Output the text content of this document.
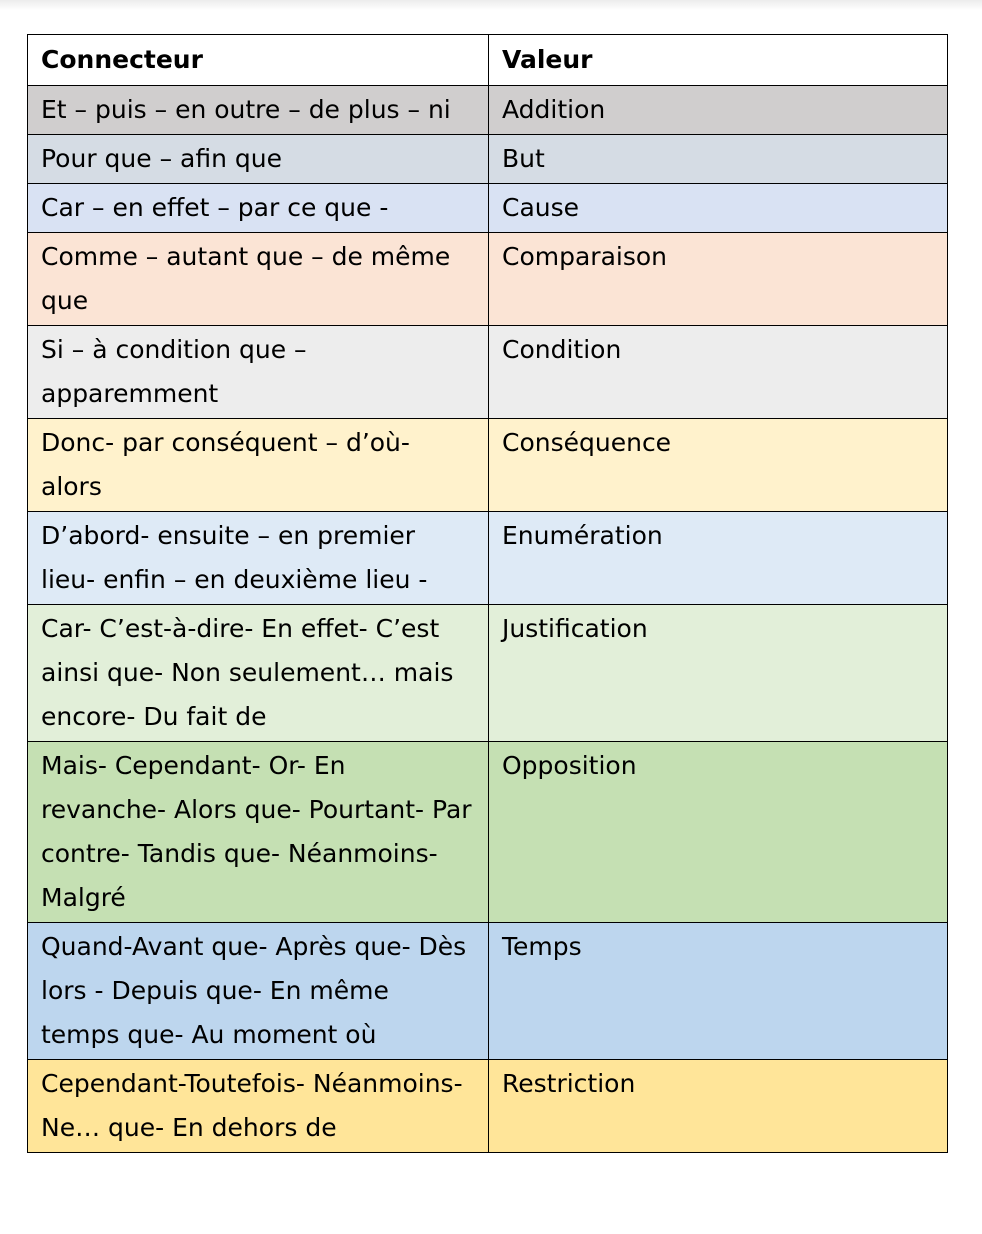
Connecteur	Valeur
Et – puis – en outre – de plus – ni	Addition
Pour que – afin que	But
Car – en effet – par ce que -	Cause
Comme – autant que – de même que	Comparaison
Si – à condition que – apparemment	Condition
Donc- par conséquent – d’où- alors	Conséquence
D’abord- ensuite – en premier lieu- enfin – en deuxième lieu -	Enumération
Car- C’est-à-dire- En effet- C’est ainsi que- Non seulement… mais encore- Du fait de	Justification
Mais- Cependant- Or- En revanche- Alors que- Pourtant- Par contre- Tandis que- Néanmoins- Malgré	Opposition
Quand-Avant que- Après que- Dès lors - Depuis que- En même temps que- Au moment où	Temps
Cependant-Toutefois- Néanmoins-Ne… que- En dehors de	Restriction
